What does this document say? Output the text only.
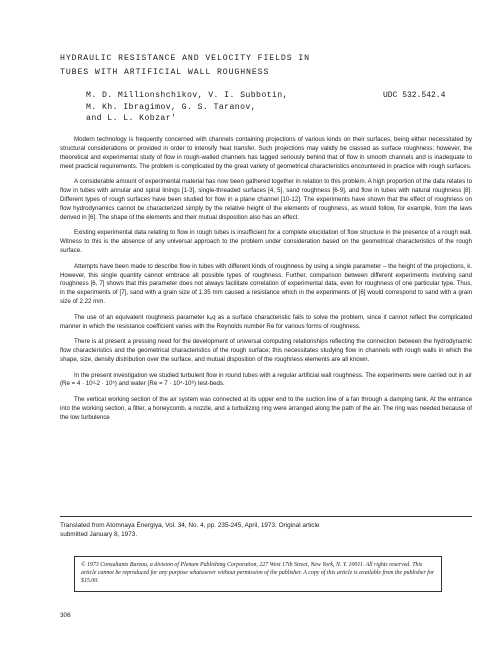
HYDRAULIC RESISTANCE AND VELOCITY FIELDS IN
TUBES WITH ARTIFICIAL WALL ROUGHNESS
M. D. Millionshchikov, V. I. Subbotin,
M. Kh. Ibragimov, G. S. Taranov,
and L. L. Kobzar'
UDC 532.542.4

Modern technology is frequently concerned with channels containing projections of various kinds on their surfaces, being either necessitated by structural considerations or provided in order to intensify heat transfer. Such projections may validly be classed as surface roughness; however, the theoretical and experimental study of flow in rough-walled channels has lagged seriously behind that of flow in smooth channels and is inadequate to meet practical requirements. The problem is complicated by the great variety of geometrical characteristics encountered in practice with rough surfaces.

A considerable amount of experimental material has now been gathered together in relation to this problem. A high proportion of the data relates to flow in tubes with annular and spiral linings [1-3], single-threaded surfaces [4, 5], sand roughness [6-9], and flow in tubes with natural roughness [8]. Different types of rough surfaces have been studied for flow in a plane channel [10-12]. The experiments have shown that the effect of roughness on flow hydrodynamics cannot be characterized simply by the relative height of the elements of roughness, as would follow, for example, from the laws derived in [6]. The shape of the elements and their mutual disposition also has an effect.

Existing experimental data relating to flow in rough tubes is insufficient for a complete elucidation of flow structure in the presence of a rough wall. Witness to this is the absence of any universal approach to the problem under consideration based on the geometrical characteristics of the rough surface.

Attempts have been made to describe flow in tubes with different kinds of roughness by using a single parameter – the height of the projections, k. However, this single quantity cannot embrace all possible types of roughness. Further, comparison between different experiments involving sand roughness [6, 7] shows that this parameter does not always facilitate correlation of experimental data, even for roughness of one particular type. Thus, in the experiments of [7], sand with a grain size of 1.35 mm caused a resistance which in the experiments of [6] would correspond to sand with a grain size of 2.22 mm.

The use of an equivalent roughness parameter kₑq as a surface characteristic fails to solve the problem, since it cannot reflect the complicated manner in which the resistance coefficient varies with the Reynolds number Re for various forms of roughness.

There is at present a pressing need for the development of universal computing relationships reflecting the connection between the hydrodynamic flow characteristics and the geometrical characteristics of the rough surface; this necessitates studying flow in channels with rough walls in which the shape, size, density distribution over the surface, and mutual disposition of the roughness elements are all known.

In the present investigation we studied turbulent flow in round tubes with a regular artificial wall roughness. The experiments were carried out in air (Re = 4 · 10³-2 · 10⁵) and water (Re = 7 · 10⁴-10⁶) test-beds.

The vertical working section of the air system was connected at its upper end to the suction line of a fan through a damping tank. At the entrance into the working section, a filter, a honeycomb, a nozzle, and a turbulizing ring were arranged along the path of the air. The ring was needed because of the low turbulence

Translated from Atomnaya Énergiya, Vol. 34, No. 4, pp. 235-245, April, 1973. Original article
submitted January 8, 1973.
© 1973 Consultants Bureau, a division of Plenum Publishing Corporation, 227 West 17th Street, New York, N. Y. 10011. All rights reserved. This article cannot be reproduced for any purpose whatsoever without permission of the publisher. A copy of this article is available from the publisher for $15.00.
306
